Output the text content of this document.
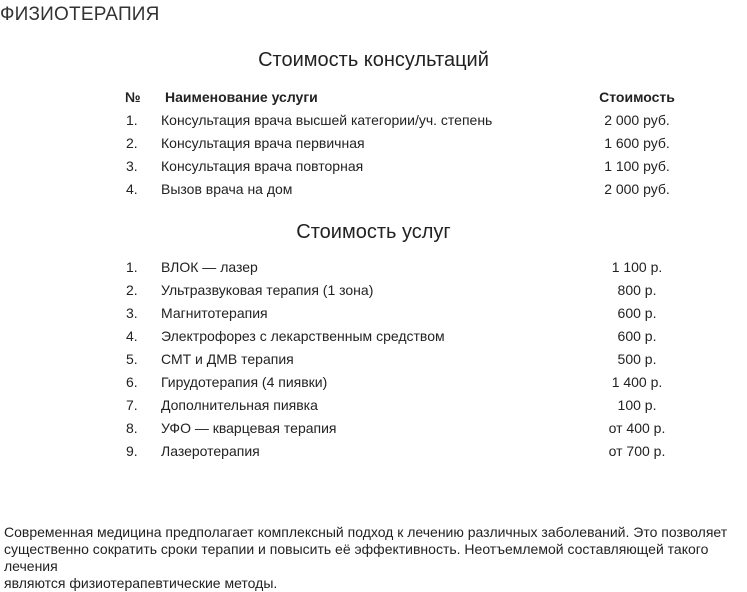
ФИЗИОТЕРАПИЯ
Стоимость консультаций
№ Наименование услуги	Стоимость
1. Консультация врача высшей категории/уч. степень	2 000 руб.
2. Консультация врача первичная	1 600 руб.
3. Консультация врача повторная	1 100 руб.
4. Вызов врача на дом	2 000 руб.
Стоимость услуг
1. ВЛОК — лазер	1 100 р.
2. Ультразвуковая терапия (1 зона)	800 р.
3. Магнитотерапия	600 р.
4. Электрофорез с лекарственным средством	600 р.
5. СМТ и ДМВ терапия	500 р.
6. Гирудотерапия (4 пиявки)	1 400 р.
7. Дополнительная пиявка	100 р.
8. УФО — кварцевая терапия	от 400 р.
9. Лазеротерапия	от 700 р.
Современная медицина предполагает комплексный подход к лечению различных заболеваний. Это позволяет
существенно сократить сроки терапии и повысить её эффективность. Неотъемлемой составляющей такого лечения
являются физиотерапевтические методы.
